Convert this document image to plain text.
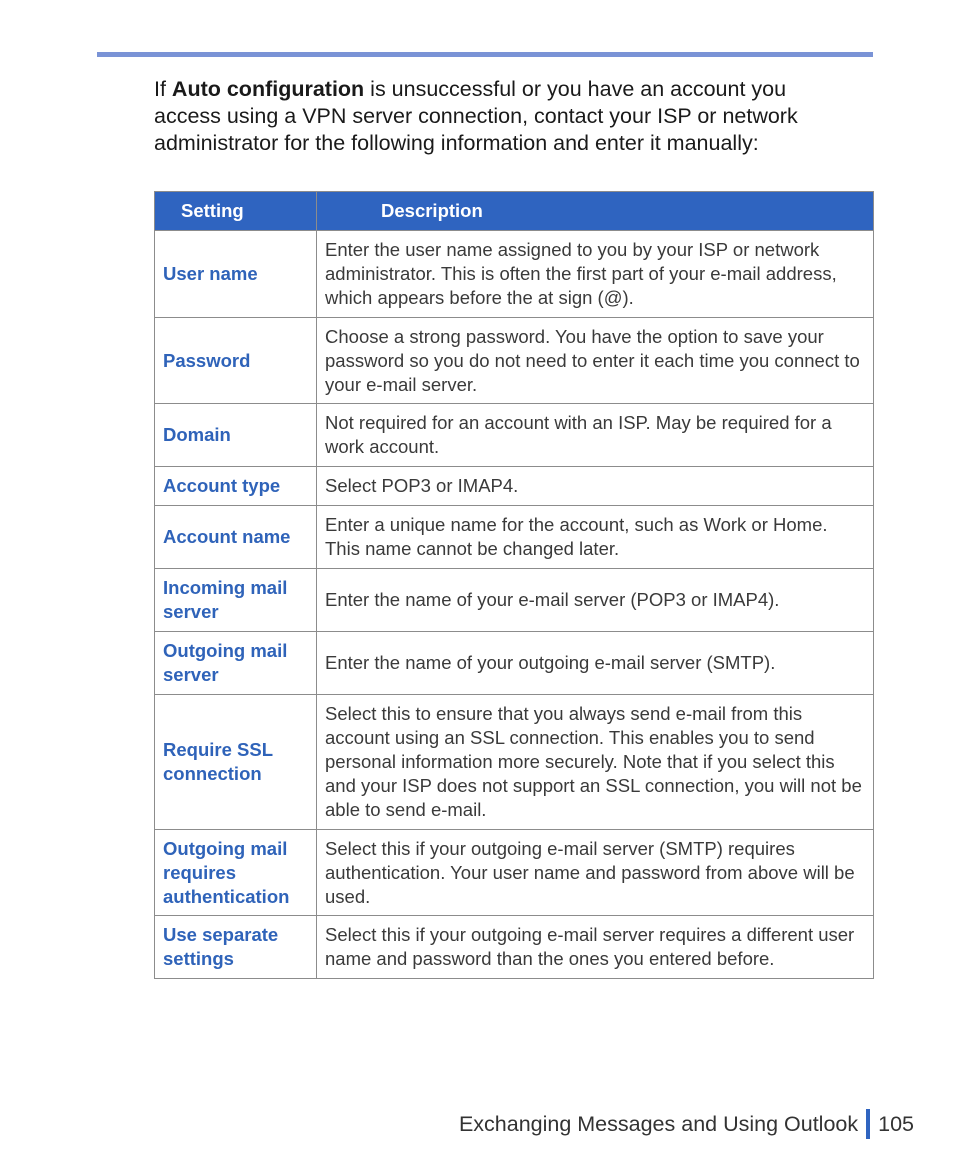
If Auto configuration is unsuccessful or you have an account you access using a VPN server connection, contact your ISP or network administrator for the following information and enter it manually:

Setting	Description
User name	Enter the user name assigned to you by your ISP or network administrator. This is often the first part of your e-mail address, which appears before the at sign (@).
Password	Choose a strong password. You have the option to save your password so you do not need to enter it each time you connect to your e-mail server.
Domain	Not required for an account with an ISP. May be required for a work account.
Account type	Select POP3 or IMAP4.
Account name	Enter a unique name for the account, such as Work or Home. This name cannot be changed later.
Incoming mail server	Enter the name of your e-mail server (POP3 or IMAP4).
Outgoing mail server	Enter the name of your outgoing e-mail server (SMTP).
Require SSL connection	Select this to ensure that you always send e-mail from this account using an SSL connection. This enables you to send personal information more securely. Note that if you select this and your ISP does not support an SSL connection, you will not be able to send e-mail.
Outgoing mail requires authentication	Select this if your outgoing e-mail server (SMTP) requires authentication. Your user name and password from above will be used.
Use separate settings	Select this if your outgoing e-mail server requires a different user name and password than the ones you entered before.
Exchanging Messages and Using Outlook 105
